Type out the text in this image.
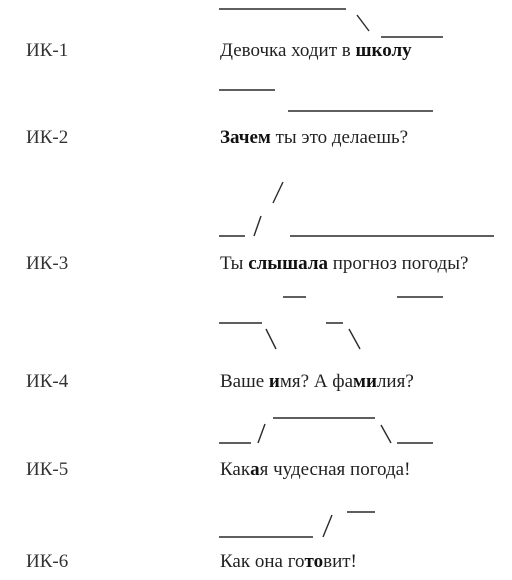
ИК-1
ИК-2
ИК-3
ИК-4
ИК-5
ИК-6
Девочка ходит в школу
Зачем ты это делаешь?
Ты слышала прогноз погоды?
Ваше имя? А фамилия?
Какая чудесная погода!
Как она готовит!
